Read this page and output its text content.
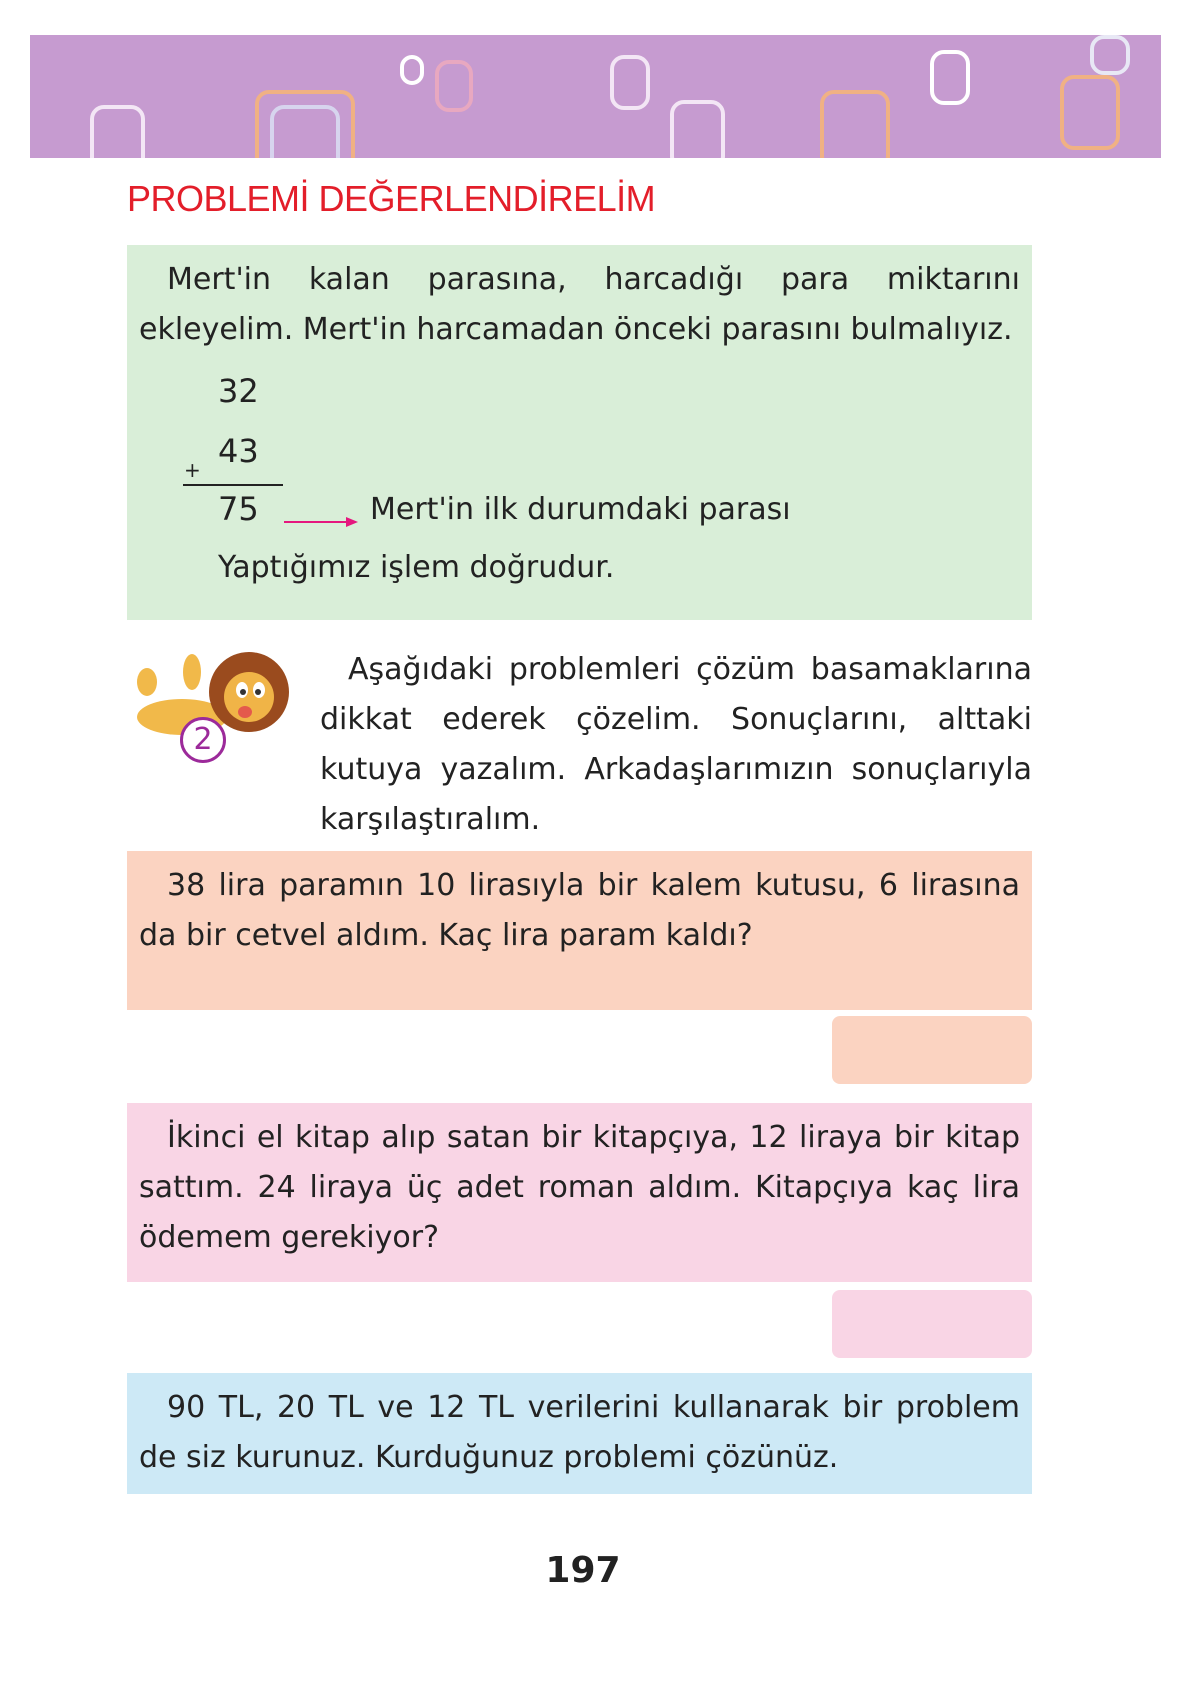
PROBLEMİ DEĞERLENDİRELİM

Mert'in kalan parasına, harcadığı para miktarını ekleyelim. Mert'in harcamadan önceki parasını bulmalıyız.

32
43
+
75	Mert'in ilk durumdaki parası
Yaptığımız işlem doğrudur.
2
Aşağıdaki problemleri çözüm basamaklarına dikkat ederek çözelim. Sonuçlarını, alttaki kutuya yazalım. Arkadaşlarımızın sonuçlarıyla karşılaştıralım.

38 lira paramın 10 lirasıyla bir kalem kutusu, 6 lirasına da bir cetvel aldım. Kaç lira param kaldı?

İkinci el kitap alıp satan bir kitapçıya, 12 liraya bir kitap sattım. 24 liraya üç adet roman aldım. Kitapçıya kaç lira ödemem gerekiyor?

90 TL, 20 TL ve 12 TL verilerini kullanarak bir problem de siz kurunuz. Kurduğunuz problemi çözünüz.

197
